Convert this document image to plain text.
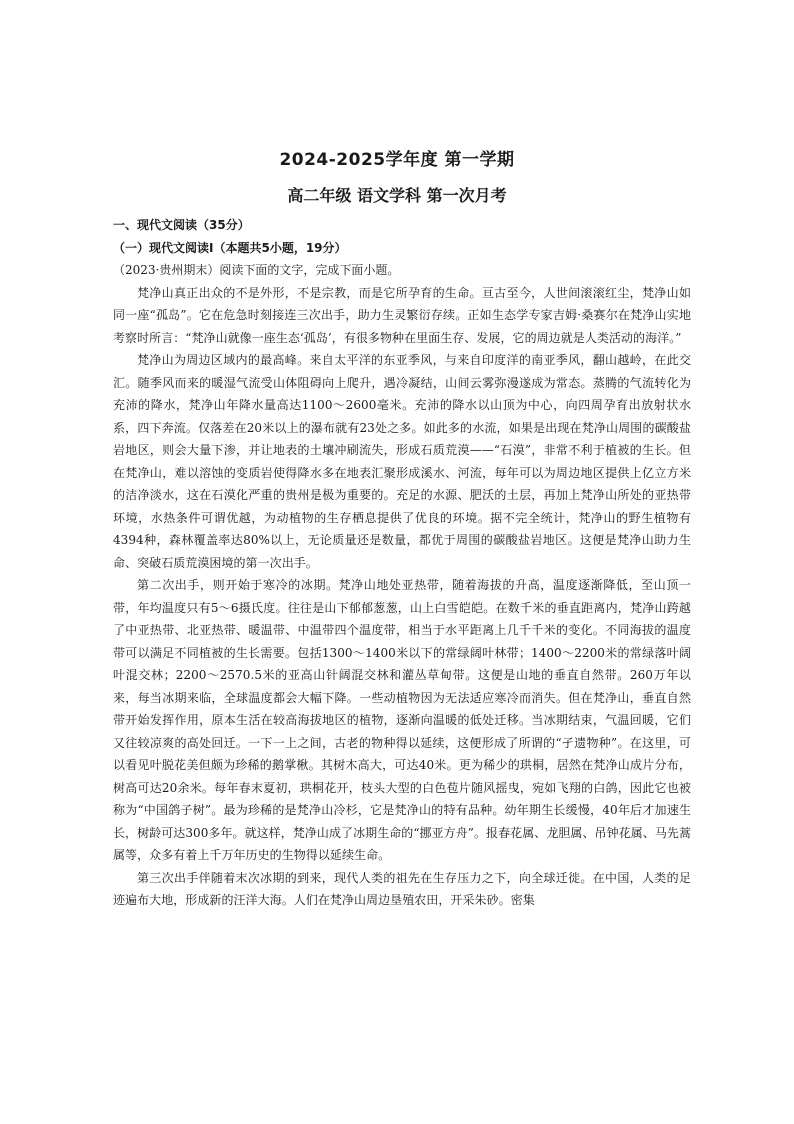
2024-2025学年度 第一学期
高二年级 语文学科 第一次月考
一、现代文阅读（35分）
（一）现代文阅读Ⅰ（本题共5小题，19分）
（2023·贵州期末）阅读下面的文字，完成下面小题。

梵净山真正出众的不是外形，不是宗教，而是它所孕育的生命。亘古至今，人世间滚滚红尘，梵净山如同一座“孤岛”。它在危急时刻接连三次出手，助力生灵繁衍存续。正如生态学专家吉姆·桑赛尔在梵净山实地考察时所言：“梵净山就像一座生态‘孤岛’，有很多物种在里面生存、发展，它的周边就是人类活动的海洋。”

梵净山为周边区域内的最高峰。来自太平洋的东亚季风，与来自印度洋的南亚季风，翻山越岭，在此交汇。随季风而来的暖湿气流受山体阻碍向上爬升，遇冷凝结，山间云雾弥漫遂成为常态。蒸腾的气流转化为充沛的降水，梵净山年降水量高达1100～2600毫米。充沛的降水以山顶为中心，向四周孕育出放射状水系，四下奔流。仅落差在20米以上的瀑布就有23处之多。如此多的水流，如果是出现在梵净山周围的碳酸盐岩地区，则会大量下渗，并让地表的土壤冲刷流失，形成石质荒漠——“石漠”，非常不利于植被的生长。但在梵净山，难以溶蚀的变质岩使得降水多在地表汇聚形成溪水、河流，每年可以为周边地区提供上亿立方米的洁净淡水，这在石漠化严重的贵州是极为重要的。充足的水源、肥沃的土层，再加上梵净山所处的亚热带环境，水热条件可谓优越，为动植物的生存栖息提供了优良的环境。据不完全统计，梵净山的野生植物有4394种，森林覆盖率达80%以上，无论质量还是数量，都优于周围的碳酸盐岩地区。这便是梵净山助力生命、突破石质荒漠困境的第一次出手。

第二次出手，则开始于寒冷的冰期。梵净山地处亚热带，随着海拔的升高，温度逐渐降低，至山顶一带，年均温度只有5～6摄氏度。往往是山下郁郁葱葱，山上白雪皑皑。在数千米的垂直距离内，梵净山跨越了中亚热带、北亚热带、暖温带、中温带四个温度带，相当于水平距离上几千千米的变化。不同海拔的温度带可以满足不同植被的生长需要。包括1300～1400米以下的常绿阔叶林带；1400～2200米的常绿落叶阔叶混交林；2200～2570.5米的亚高山针阔混交林和灌丛草甸带。这便是山地的垂直自然带。260万年以来，每当冰期来临，全球温度都会大幅下降。一些动植物因为无法适应寒冷而消失。但在梵净山，垂直自然带开始发挥作用，原本生活在较高海拔地区的植物，逐渐向温暖的低处迁移。当冰期结束，气温回暖，它们又往较凉爽的高处回迁。一下一上之间，古老的物种得以延续，这便形成了所谓的“孑遗物种”。在这里，可以看见叶脱花美但颇为珍稀的鹅掌楸。其树木高大，可达40米。更为稀少的珙桐，居然在梵净山成片分布，树高可达20余米。每年春末夏初，珙桐花开，枝头大型的白色苞片随风摇曳，宛如飞翔的白鸽，因此它也被称为“中国鸽子树”。最为珍稀的是梵净山冷杉，它是梵净山的特有品种。幼年期生长缓慢，40年后才加速生长，树龄可达300多年。就这样，梵净山成了冰期生命的“挪亚方舟”。报春花属、龙胆属、吊钟花属、马先蒿属等，众多有着上千万年历史的生物得以延续生命。

第三次出手伴随着末次冰期的到来，现代人类的祖先在生存压力之下，向全球迁徙。在中国，人类的足迹遍布大地，形成新的汪洋大海。人们在梵净山周边垦殖农田，开采朱砂。密集
